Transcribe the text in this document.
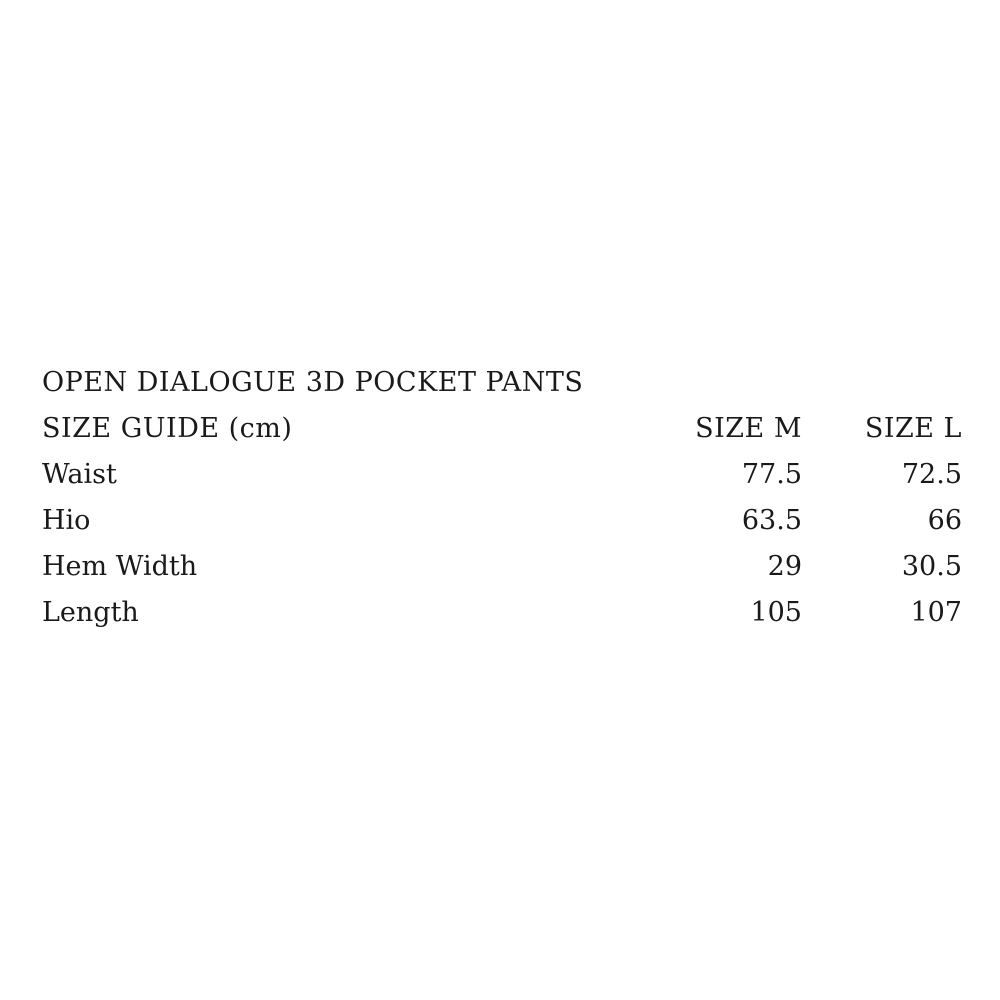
OPEN DIALOGUE 3D POCKET PANTS
SIZE GUIDE (cm)	SIZE M	SIZE L
Waist	77.5	72.5
Hio	63.5	66
Hem Width	29	30.5
Length	105	107
